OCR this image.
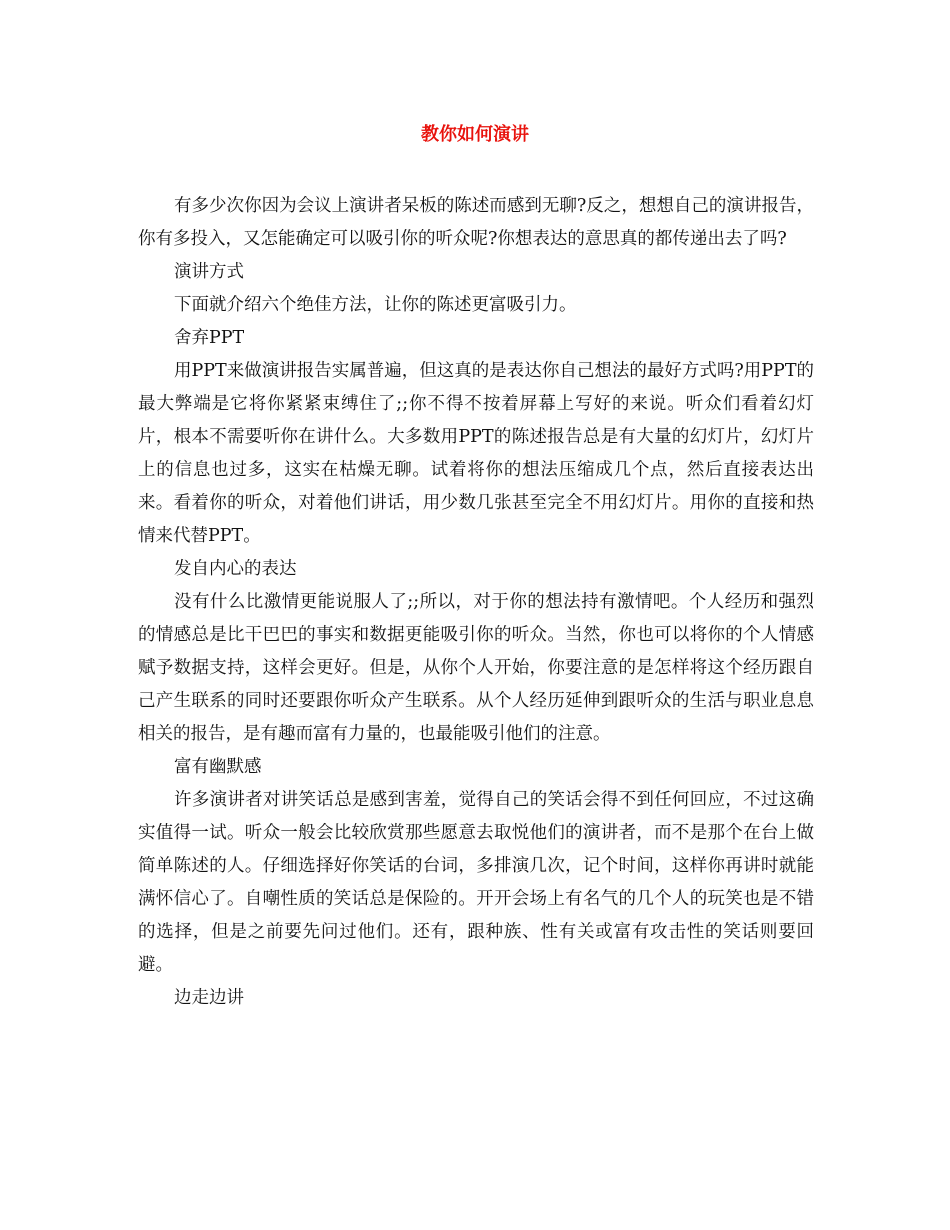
教你如何演讲

有多少次你因为会议上演讲者呆板的陈述而感到无聊?反之，想想自己的演讲报告，你有多投入，又怎能确定可以吸引你的听众呢?你想表达的意思真的都传递出去了吗?

演讲方式

下面就介绍六个绝佳方法，让你的陈述更富吸引力。

舍弃PPT

用PPT来做演讲报告实属普遍，但这真的是表达你自己想法的最好方式吗?用PPT的最大弊端是它将你紧紧束缚住了;;你不得不按着屏幕上写好的来说。听众们看着幻灯片，根本不需要听你在讲什么。大多数用PPT的陈述报告总是有大量的幻灯片，幻灯片上的信息也过多，这实在枯燥无聊。试着将你的想法压缩成几个点，然后直接表达出来。看着你的听众，对着他们讲话，用少数几张甚至完全不用幻灯片。用你的直接和热情来代替PPT。

发自内心的表达

没有什么比激情更能说服人了;;所以，对于你的想法持有激情吧。个人经历和强烈的情感总是比干巴巴的事实和数据更能吸引你的听众。当然，你也可以将你的个人情感赋予数据支持，这样会更好。但是，从你个人开始，你要注意的是怎样将这个经历跟自己产生联系的同时还要跟你听众产生联系。从个人经历延伸到跟听众的生活与职业息息相关的报告，是有趣而富有力量的，也最能吸引他们的注意。

富有幽默感

许多演讲者对讲笑话总是感到害羞，觉得自己的笑话会得不到任何回应，不过这确实值得一试。听众一般会比较欣赏那些愿意去取悦他们的演讲者，而不是那个在台上做简单陈述的人。仔细选择好你笑话的台词，多排演几次，记个时间，这样你再讲时就能满怀信心了。自嘲性质的笑话总是保险的。开开会场上有名气的几个人的玩笑也是不错的选择，但是之前要先问过他们。还有，跟种族、性有关或富有攻击性的笑话则要回避。

边走边讲
